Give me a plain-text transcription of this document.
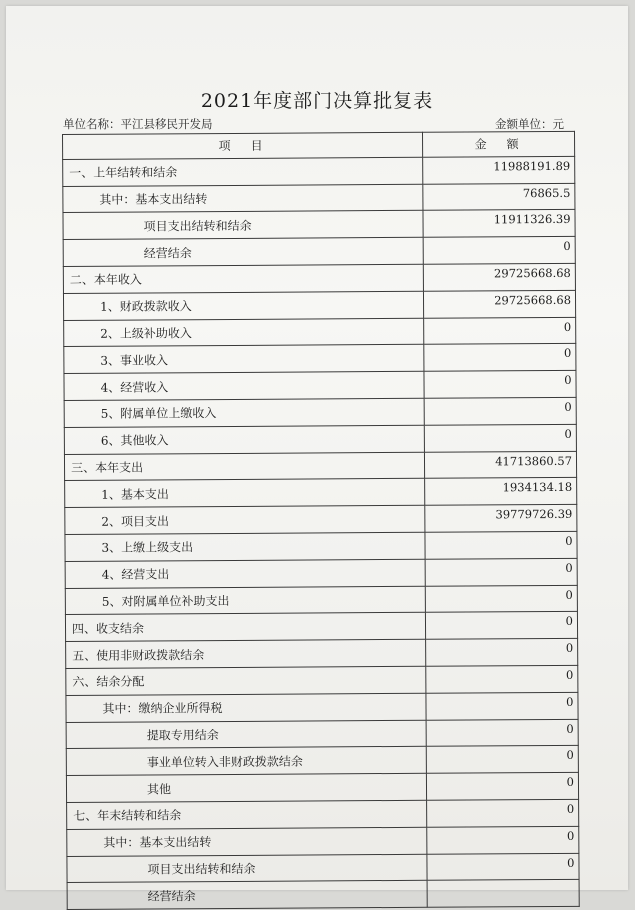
2021年度部门决算批复表
单位名称：平江县移民开发局	金额单位：元
项　目	金　额
一、上年结转和结余	11988191.89
其中：基本支出结转	76865.5
项目支出结转和结余	11911326.39
经营结余	0
二、本年收入	29725668.68
1、财政拨款收入	29725668.68
2、上级补助收入	0
3、事业收入	0
4、经营收入	0
5、附属单位上缴收入	0
6、其他收入	0
三、本年支出	41713860.57
1、基本支出	1934134.18
2、项目支出	39779726.39
3、上缴上级支出	0
4、经营支出	0
5、对附属单位补助支出	0
四、收支结余	0
五、使用非财政拨款结余	0
六、结余分配	0
其中：缴纳企业所得税	0
提取专用结余	0
事业单位转入非财政拨款结余	0
其他	0
七、年末结转和结余	0
其中：基本支出结转	0
项目支出结转和结余	0
经营结余	
